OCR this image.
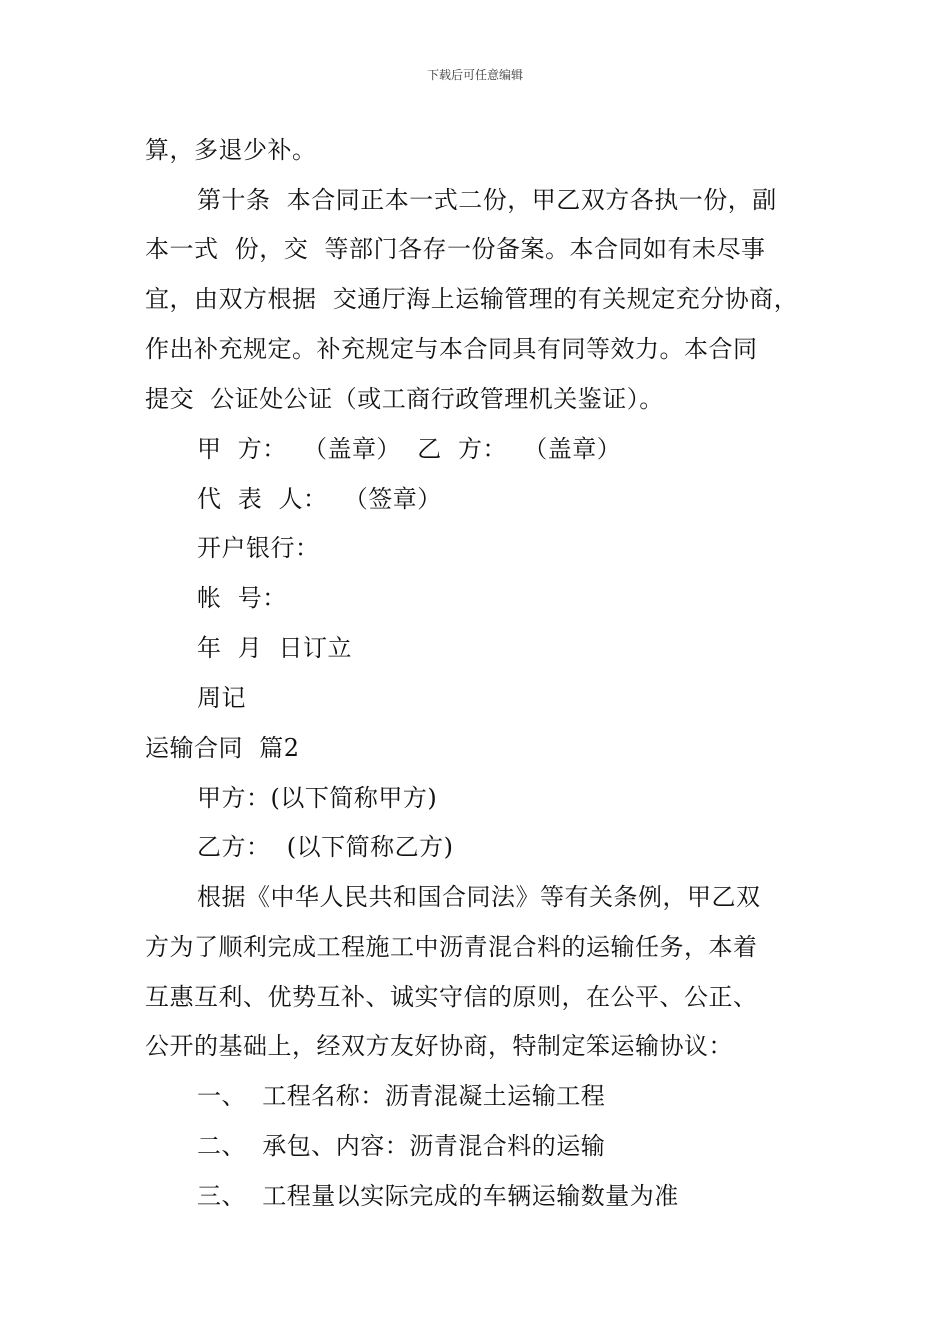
下载后可任意编辑
算，多退少补。
第十条  本合同正本一式二份，甲乙双方各执一份，副
本一式  份，交  等部门各存一份备案。本合同如有未尽事
宜，由双方根据  交通厅海上运输管理的有关规定充分协商，
作出补充规定。补充规定与本合同具有同等效力。本合同
提交  公证处公证（或工商行政管理机关鉴证）。
甲  方：  （盖章）  乙  方：  （盖章）
代  表  人：  （签章）
开户银行：
帐  号：
年  月  日订立
周记
运输合同  篇2
甲方：(以下简称甲方)
乙方：  (以下简称乙方)
根据《中华人民共和国合同法》等有关条例，甲乙双
方为了顺利完成工程施工中沥青混合料的运输任务，本着
互惠互利、优势互补、诚实守信的原则，在公平、公正、
公开的基础上，经双方友好协商，特制定笨运输协议：
一、  工程名称：沥青混凝土运输工程
二、  承包、内容：沥青混合料的运输
三、  工程量以实际完成的车辆运输数量为准
